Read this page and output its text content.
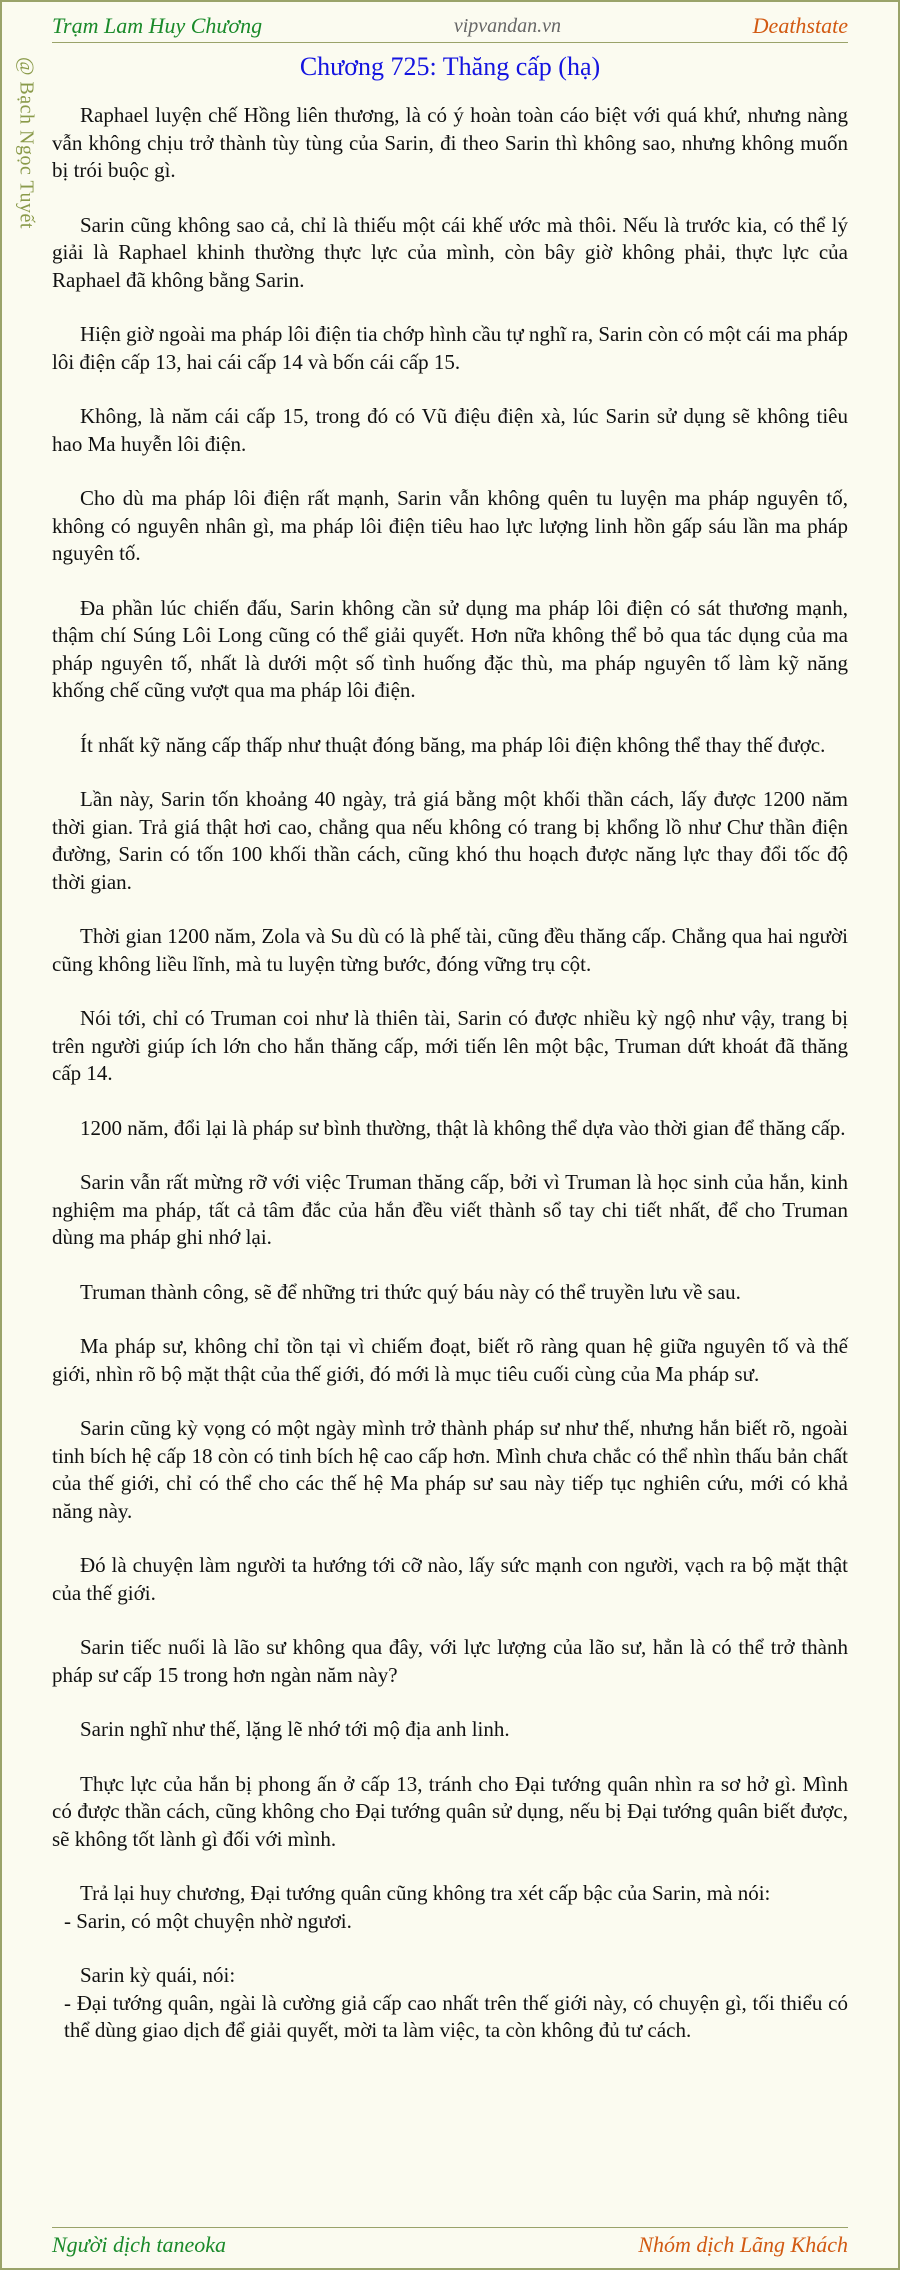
Trạm Lam Huy Chương	vipvandan.vn	Deathstate
@ Bạch Ngọc Tuyết	Chương 725: Thăng cấp (hạ)

Raphael luyện chế Hồng liên thương, là có ý hoàn toàn cáo biệt với quá khứ, nhưng nàng vẫn không chịu trở thành tùy tùng của Sarin, đi theo Sarin thì không sao, nhưng không muốn bị trói buộc gì.

Sarin cũng không sao cả, chỉ là thiếu một cái khế ước mà thôi. Nếu là trước kia, có thể lý giải là Raphael khinh thường thực lực của mình, còn bây giờ không phải, thực lực của Raphael đã không bằng Sarin.

Hiện giờ ngoài ma pháp lôi điện tia chớp hình cầu tự nghĩ ra, Sarin còn có một cái ma pháp lôi điện cấp 13, hai cái cấp 14 và bốn cái cấp 15.

Không, là năm cái cấp 15, trong đó có Vũ điệu điện xà, lúc Sarin sử dụng sẽ không tiêu hao Ma huyễn lôi điện.

Cho dù ma pháp lôi điện rất mạnh, Sarin vẫn không quên tu luyện ma pháp nguyên tố, không có nguyên nhân gì, ma pháp lôi điện tiêu hao lực lượng linh hồn gấp sáu lần ma pháp nguyên tố.

Đa phần lúc chiến đấu, Sarin không cần sử dụng ma pháp lôi điện có sát thương mạnh, thậm chí Súng Lôi Long cũng có thể giải quyết. Hơn nữa không thể bỏ qua tác dụng của ma pháp nguyên tố, nhất là dưới một số tình huống đặc thù, ma pháp nguyên tố làm kỹ năng khống chế cũng vượt qua ma pháp lôi điện.

Ít nhất kỹ năng cấp thấp như thuật đóng băng, ma pháp lôi điện không thể thay thế được.

Lần này, Sarin tốn khoảng 40 ngày, trả giá bằng một khối thần cách, lấy được 1200 năm thời gian. Trả giá thật hơi cao, chẳng qua nếu không có trang bị khổng lồ như Chư thần điện đường, Sarin có tốn 100 khối thần cách, cũng khó thu hoạch được năng lực thay đổi tốc độ thời gian.

Thời gian 1200 năm, Zola và Su dù có là phế tài, cũng đều thăng cấp. Chẳng qua hai người cũng không liều lĩnh, mà tu luyện từng bước, đóng vững trụ cột.

Nói tới, chỉ có Truman coi như là thiên tài, Sarin có được nhiều kỳ ngộ như vậy, trang bị trên người giúp ích lớn cho hắn thăng cấp, mới tiến lên một bậc, Truman dứt khoát đã thăng cấp 14.

1200 năm, đổi lại là pháp sư bình thường, thật là không thể dựa vào thời gian để thăng cấp.

Sarin vẫn rất mừng rỡ với việc Truman thăng cấp, bởi vì Truman là học sinh của hắn, kinh nghiệm ma pháp, tất cả tâm đắc của hắn đều viết thành sổ tay chi tiết nhất, để cho Truman dùng ma pháp ghi nhớ lại.

Truman thành công, sẽ để những tri thức quý báu này có thể truyền lưu về sau.

Ma pháp sư, không chỉ tồn tại vì chiếm đoạt, biết rõ ràng quan hệ giữa nguyên tố và thế giới, nhìn rõ bộ mặt thật của thế giới, đó mới là mục tiêu cuối cùng của Ma pháp sư.

Sarin cũng kỳ vọng có một ngày mình trở thành pháp sư như thế, nhưng hắn biết rõ, ngoài tinh bích hệ cấp 18 còn có tinh bích hệ cao cấp hơn. Mình chưa chắc có thể nhìn thấu bản chất của thế giới, chỉ có thể cho các thế hệ Ma pháp sư sau này tiếp tục nghiên cứu, mới có khả năng này.

Đó là chuyện làm người ta hướng tới cỡ nào, lấy sức mạnh con người, vạch ra bộ mặt thật của thế giới.

Sarin tiếc nuối là lão sư không qua đây, với lực lượng của lão sư, hẳn là có thể trở thành pháp sư cấp 15 trong hơn ngàn năm này?

Sarin nghĩ như thế, lặng lẽ nhớ tới mộ địa anh linh.

Thực lực của hắn bị phong ấn ở cấp 13, tránh cho Đại tướng quân nhìn ra sơ hở gì. Mình có được thần cách, cũng không cho Đại tướng quân sử dụng, nếu bị Đại tướng quân biết được, sẽ không tốt lành gì đối với mình.

Trả lại huy chương, Đại tướng quân cũng không tra xét cấp bậc của Sarin, mà nói:

- Sarin, có một chuyện nhờ ngươi.

Sarin kỳ quái, nói:

- Đại tướng quân, ngài là cường giả cấp cao nhất trên thế giới này, có chuyện gì, tối thiểu có thể dùng giao dịch để giải quyết, mời ta làm việc, ta còn không đủ tư cách.

Người dịch taneoka	Nhóm dịch Lãng Khách
